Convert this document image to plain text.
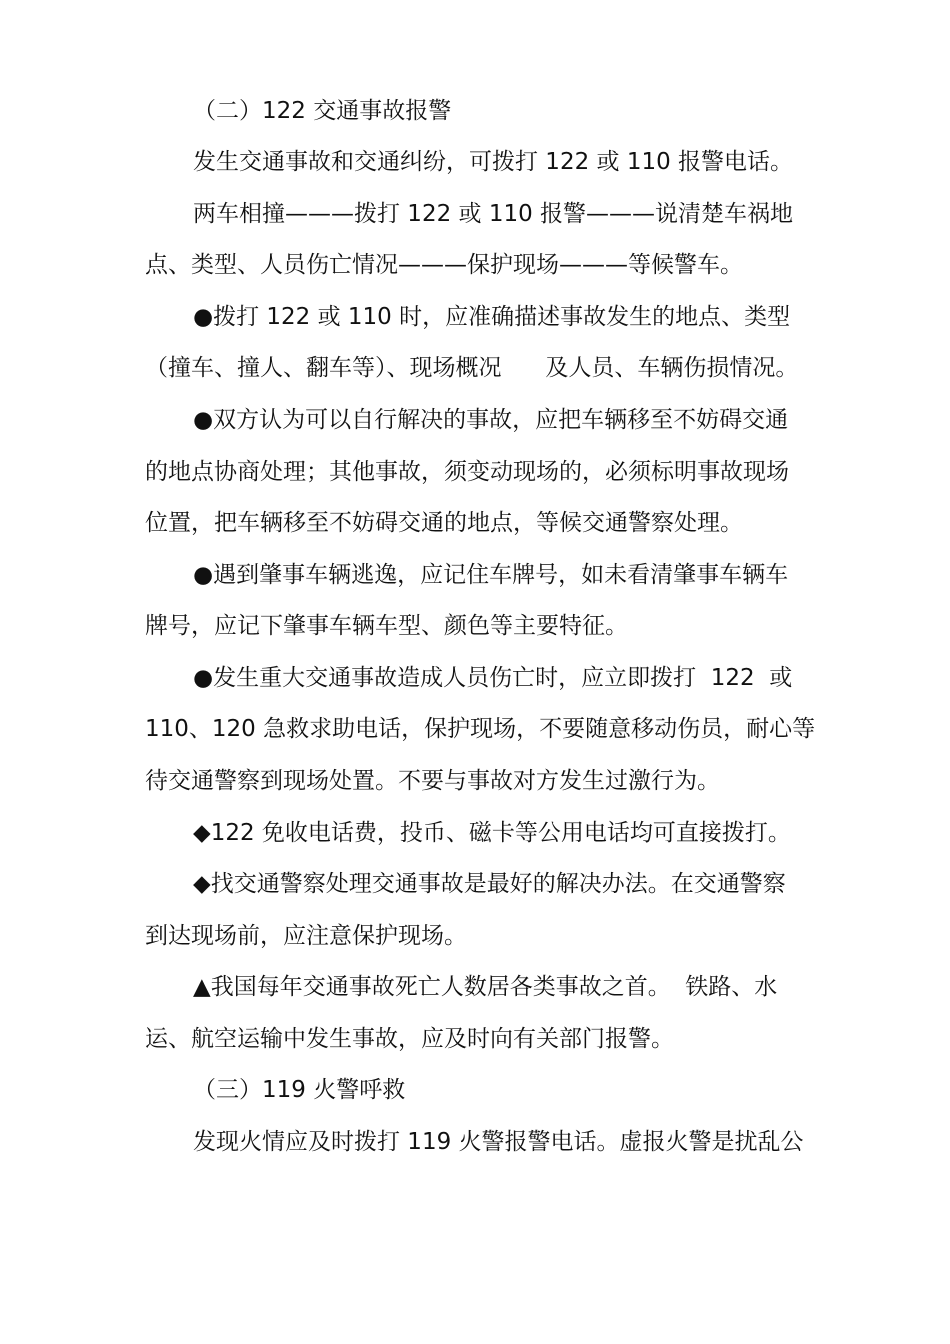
（二）122 交通事故报警
发生交通事故和交通纠纷，可拨打 122 或 110 报警电话。
两车相撞———拨打 122 或 110 报警———说清楚车祸地
点、类型、人员伤亡情况———保护现场———等候警车。
●拨打 122 或 110 时，应准确描述事故发生的地点、类型
（撞车、撞人、翻车等）、现场概况      及人员、车辆伤损情况。
●双方认为可以自行解决的事故，应把车辆移至不妨碍交通
的地点协商处理；其他事故，须变动现场的，必须标明事故现场
位置，把车辆移至不妨碍交通的地点，等候交通警察处理。
●遇到肇事车辆逃逸，应记住车牌号，如未看清肇事车辆车
牌号，应记下肇事车辆车型、颜色等主要特征。
●发生重大交通事故造成人员伤亡时，应立即拨打  122  或
110、120 急救求助电话，保护现场，不要随意移动伤员，耐心等
待交通警察到现场处置。不要与事故对方发生过激行为。
◆122 免收电话费，投币、磁卡等公用电话均可直接拨打。
◆找交通警察处理交通事故是最好的解决办法。在交通警察
到达现场前，应注意保护现场。
▲我国每年交通事故死亡人数居各类事故之首。  铁路、水
运、航空运输中发生事故，应及时向有关部门报警。
（三）119 火警呼救
发现火情应及时拨打 119 火警报警电话。虚报火警是扰乱公
